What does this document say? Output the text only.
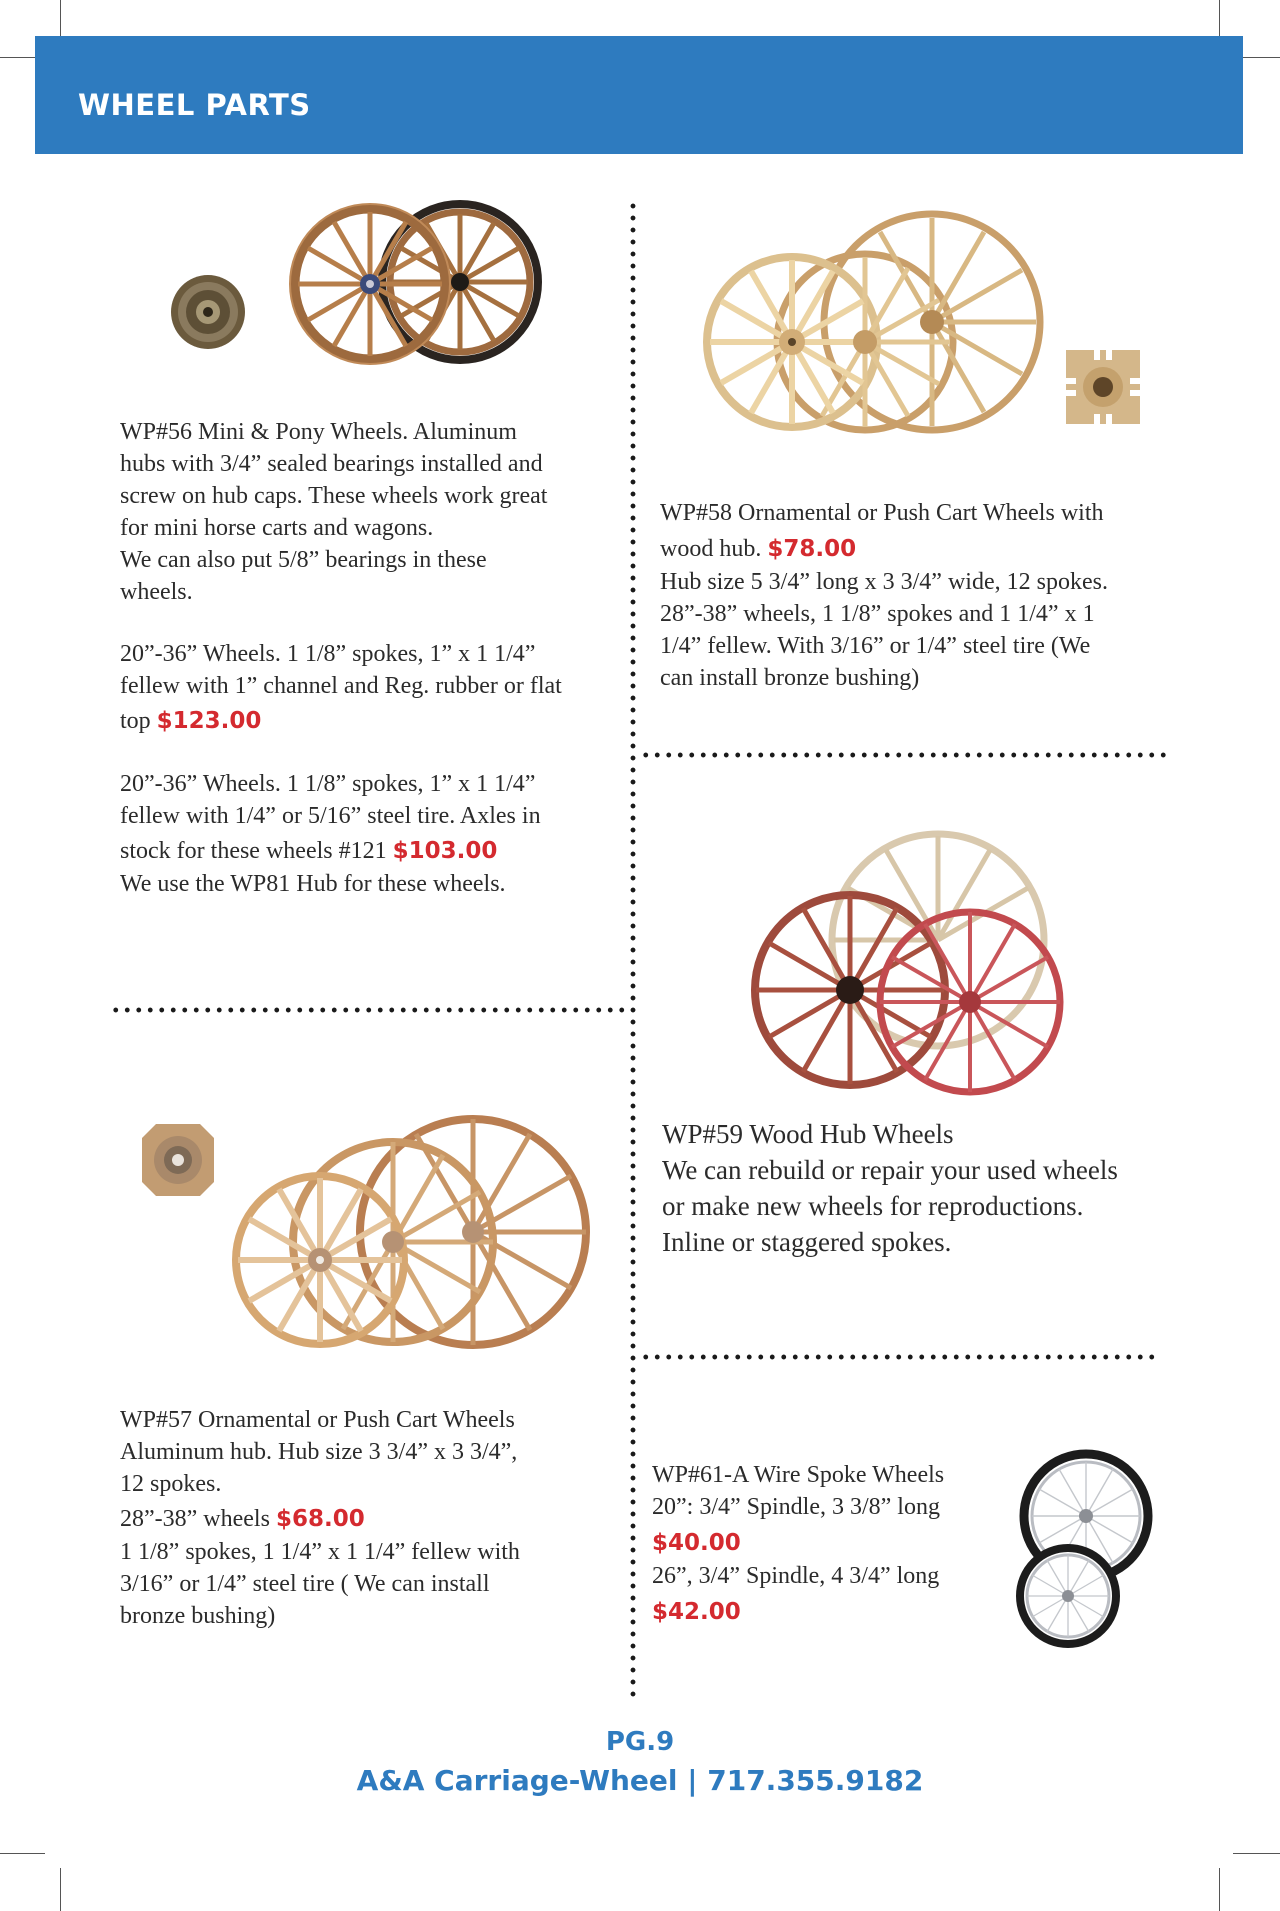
WHEEL PARTS

WP#56 Mini & Pony Wheels. Aluminum

hubs with 3/4” sealed bearings installed and

screw on hub caps. These wheels work great

for mini horse carts and wagons.

We can also put 5/8” bearings in these

wheels.

20”-36” Wheels. 1 1/8” spokes, 1” x 1 1/4”

fellew with 1” channel and Reg. rubber or flat

top $123.00

20”-36” Wheels. 1 1/8” spokes, 1” x 1 1/4”

fellew with 1/4” or 5/16” steel tire. Axles in

stock for these wheels #121 $103.00

We use the WP81 Hub for these wheels.

WP#58 Ornamental or Push Cart Wheels with

wood hub. $78.00

Hub size 5 3/4” long x 3 3/4” wide, 12 spokes.

28”-38” wheels, 1 1/8” spokes and 1 1/4” x 1

1/4” fellew. With 3/16” or 1/4” steel tire (We

can install bronze bushing)

WP#59 Wood Hub Wheels

We can rebuild or repair your used wheels

or make new wheels for reproductions.

Inline or staggered spokes.

WP#57 Ornamental or Push Cart Wheels

Aluminum hub. Hub size 3 3/4” x 3 3/4”,

12 spokes.

28”-38” wheels $68.00

1 1/8” spokes, 1 1/4” x 1 1/4” fellew with

3/16” or 1/4” steel tire ( We can install

bronze bushing)

WP#61-A Wire Spoke Wheels

20”: 3/4” Spindle, 3 3/8” long

$40.00

26”, 3/4” Spindle, 4 3/4” long

$42.00

PG.9
A&A Carriage-Wheel | 717.355.9182
